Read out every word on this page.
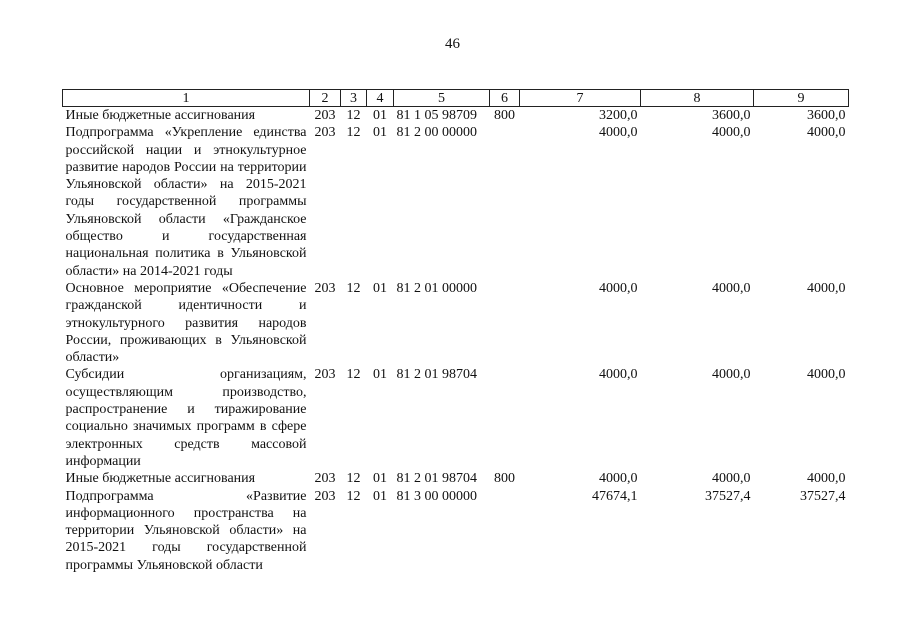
46
1	2	3	4	5	6	7	8	9
Иные бюджетные ассигнования	203	12	01	81 1 05 98709	800	3200,0	3600,0	3600,0
Подпрограмма «Укрепление единства российской нации и этнокультурное развитие народов России на территории Ульяновской области» на 2015-2021 годы государственной программы Ульяновской области «Гражданское общество и государственная национальная политика в Ульяновской области» на 2014-2021 годы	203	12	01	81 2 00 00000		4000,0	4000,0	4000,0
Основное мероприятие «Обеспечение гражданской идентичности и этнокультурного развития народов России, проживающих в Ульяновской области»	203	12	01	81 2 01 00000		4000,0	4000,0	4000,0
Субсидии организациям, осуществляющим производство, распространение и тиражирование социально значимых программ в сфере электронных средств массовой информации	203	12	01	81 2 01 98704		4000,0	4000,0	4000,0
Иные бюджетные ассигнования	203	12	01	81 2 01 98704	800	4000,0	4000,0	4000,0
Подпрограмма «Развитие информационного пространства на территории Ульяновской области» на 2015-2021 годы государственной программы Ульяновской области	203	12	01	81 3 00 00000		47674,1	37527,4	37527,4
